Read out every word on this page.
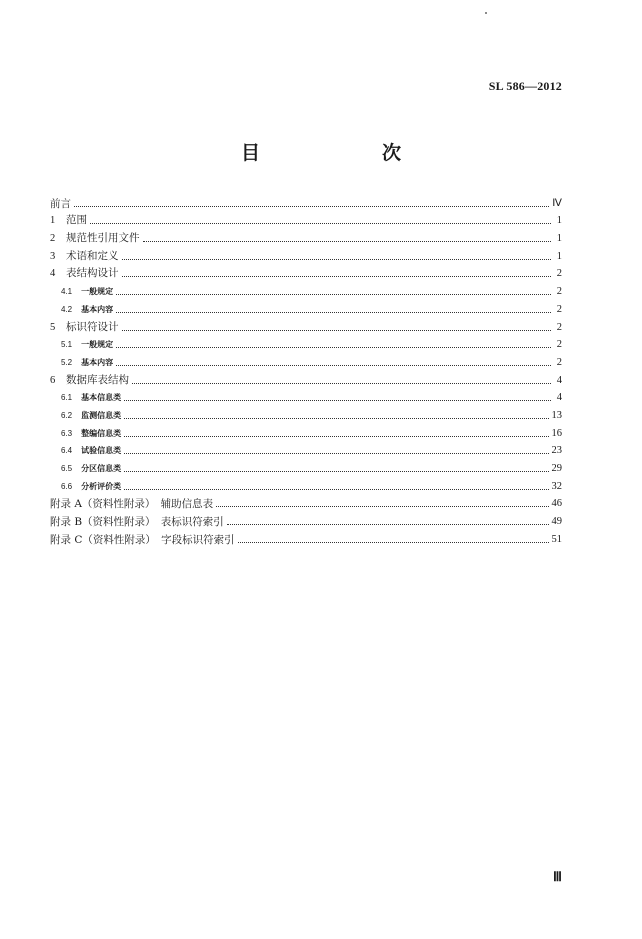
SL 586—2012
目　　次
前言	Ⅳ
1 范围	1
2 规范性引用文件	1
3 术语和定义	1
4 表结构设计	2
4.1 一般规定	2
4.2 基本内容	2
5 标识符设计	2
5.1 一般规定	2
5.2 基本内容	2
6 数据库表结构	4
6.1 基本信息类	4
6.2 监测信息类	13
6.3 整编信息类	16
6.4 试验信息类	23
6.5 分区信息类	29
6.6 分析评价类	32
附录 A（资料性附录）　辅助信息表	46
附录 B（资料性附录）　表标识符索引	49
附录 C（资料性附录）　字段标识符索引	51
Ⅲ
